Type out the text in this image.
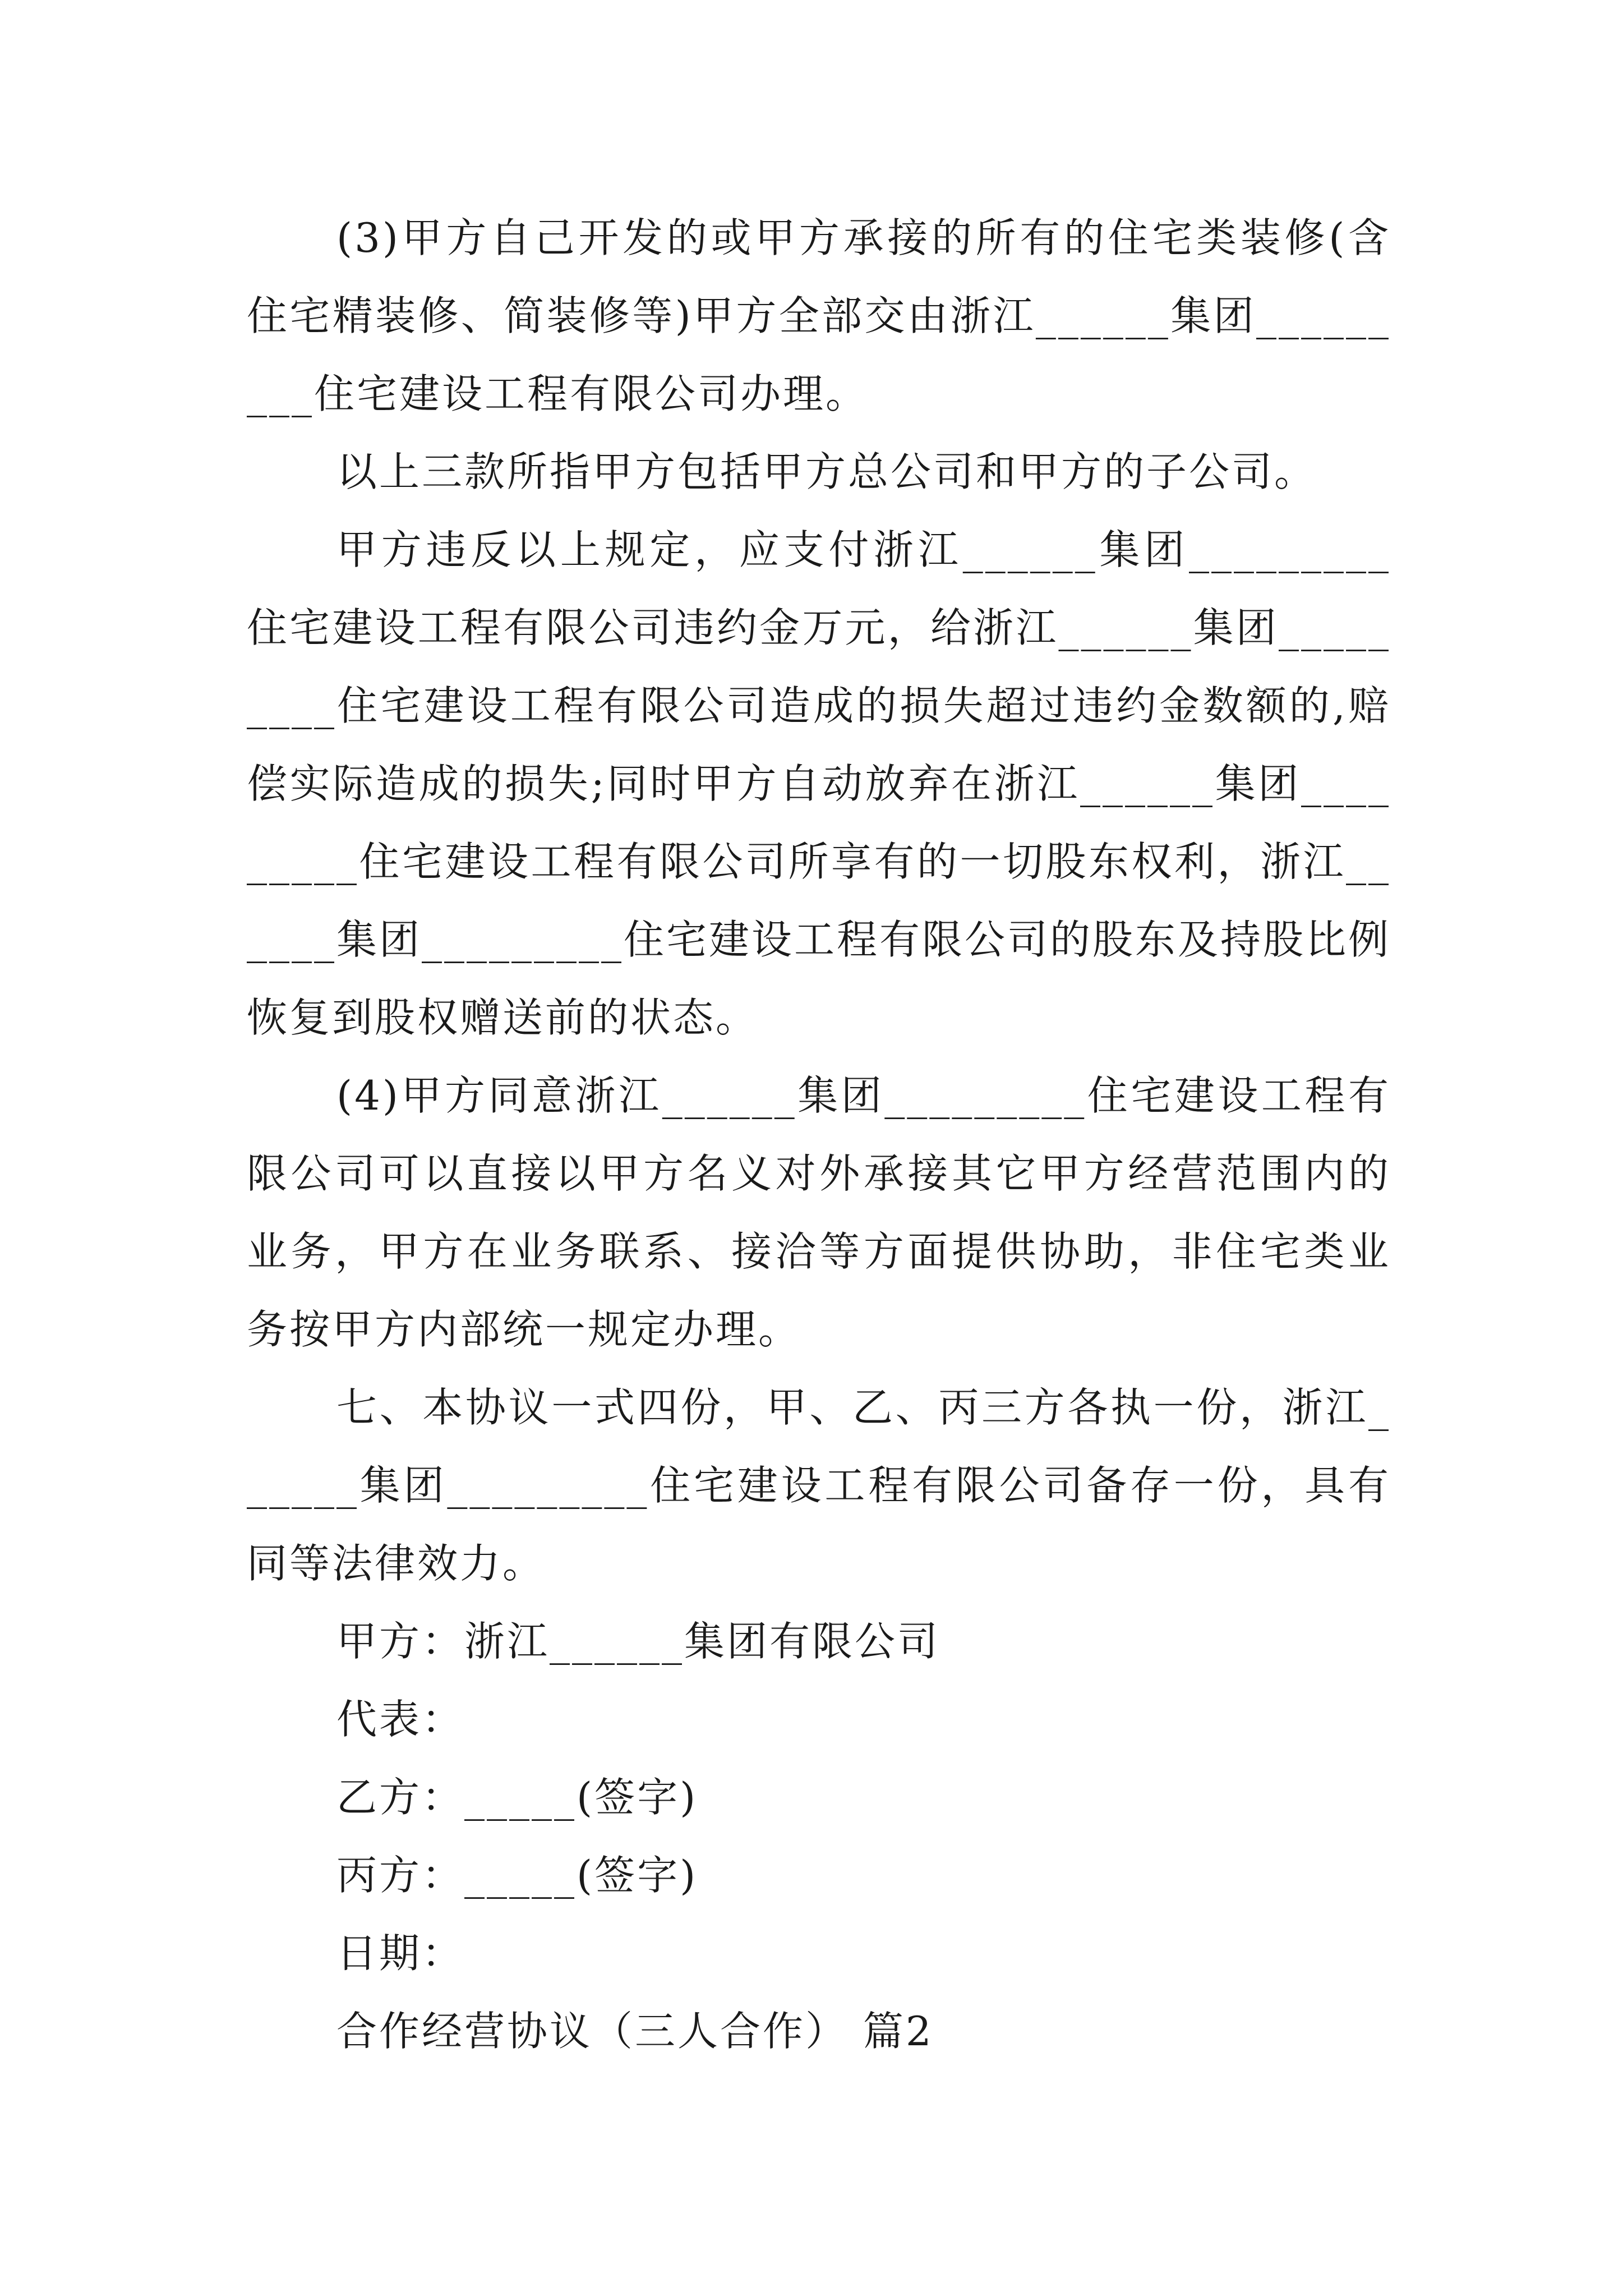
(3)甲方自己开发的或甲方承接的所有的住宅类装修(含住宅精装修、简装修等)甲方全部交由浙江______集团_________住宅建设工程有限公司办理。

以上三款所指甲方包括甲方总公司和甲方的子公司。

甲方违反以上规定，应支付浙江______集团_________住宅建设工程有限公司违约金万元，给浙江______集团_________住宅建设工程有限公司造成的损失超过违约金数额的,赔偿实际造成的损失;同时甲方自动放弃在浙江______集团_________住宅建设工程有限公司所享有的一切股东权利，浙江______集团_________住宅建设工程有限公司的股东及持股比例恢复到股权赠送前的状态。

(4)甲方同意浙江______集团_________住宅建设工程有限公司可以直接以甲方名义对外承接其它甲方经营范围内的业务，甲方在业务联系、接洽等方面提供协助，非住宅类业务按甲方内部统一规定办理。

七、本协议一式四份，甲、乙、丙三方各执一份，浙江______集团_________住宅建设工程有限公司备存一份，具有同等法律效力。

甲方：浙江______集团有限公司

代表：

乙方：_____(签字)

丙方：_____(签字)

日期：

合作经营协议（三人合作） 篇2
